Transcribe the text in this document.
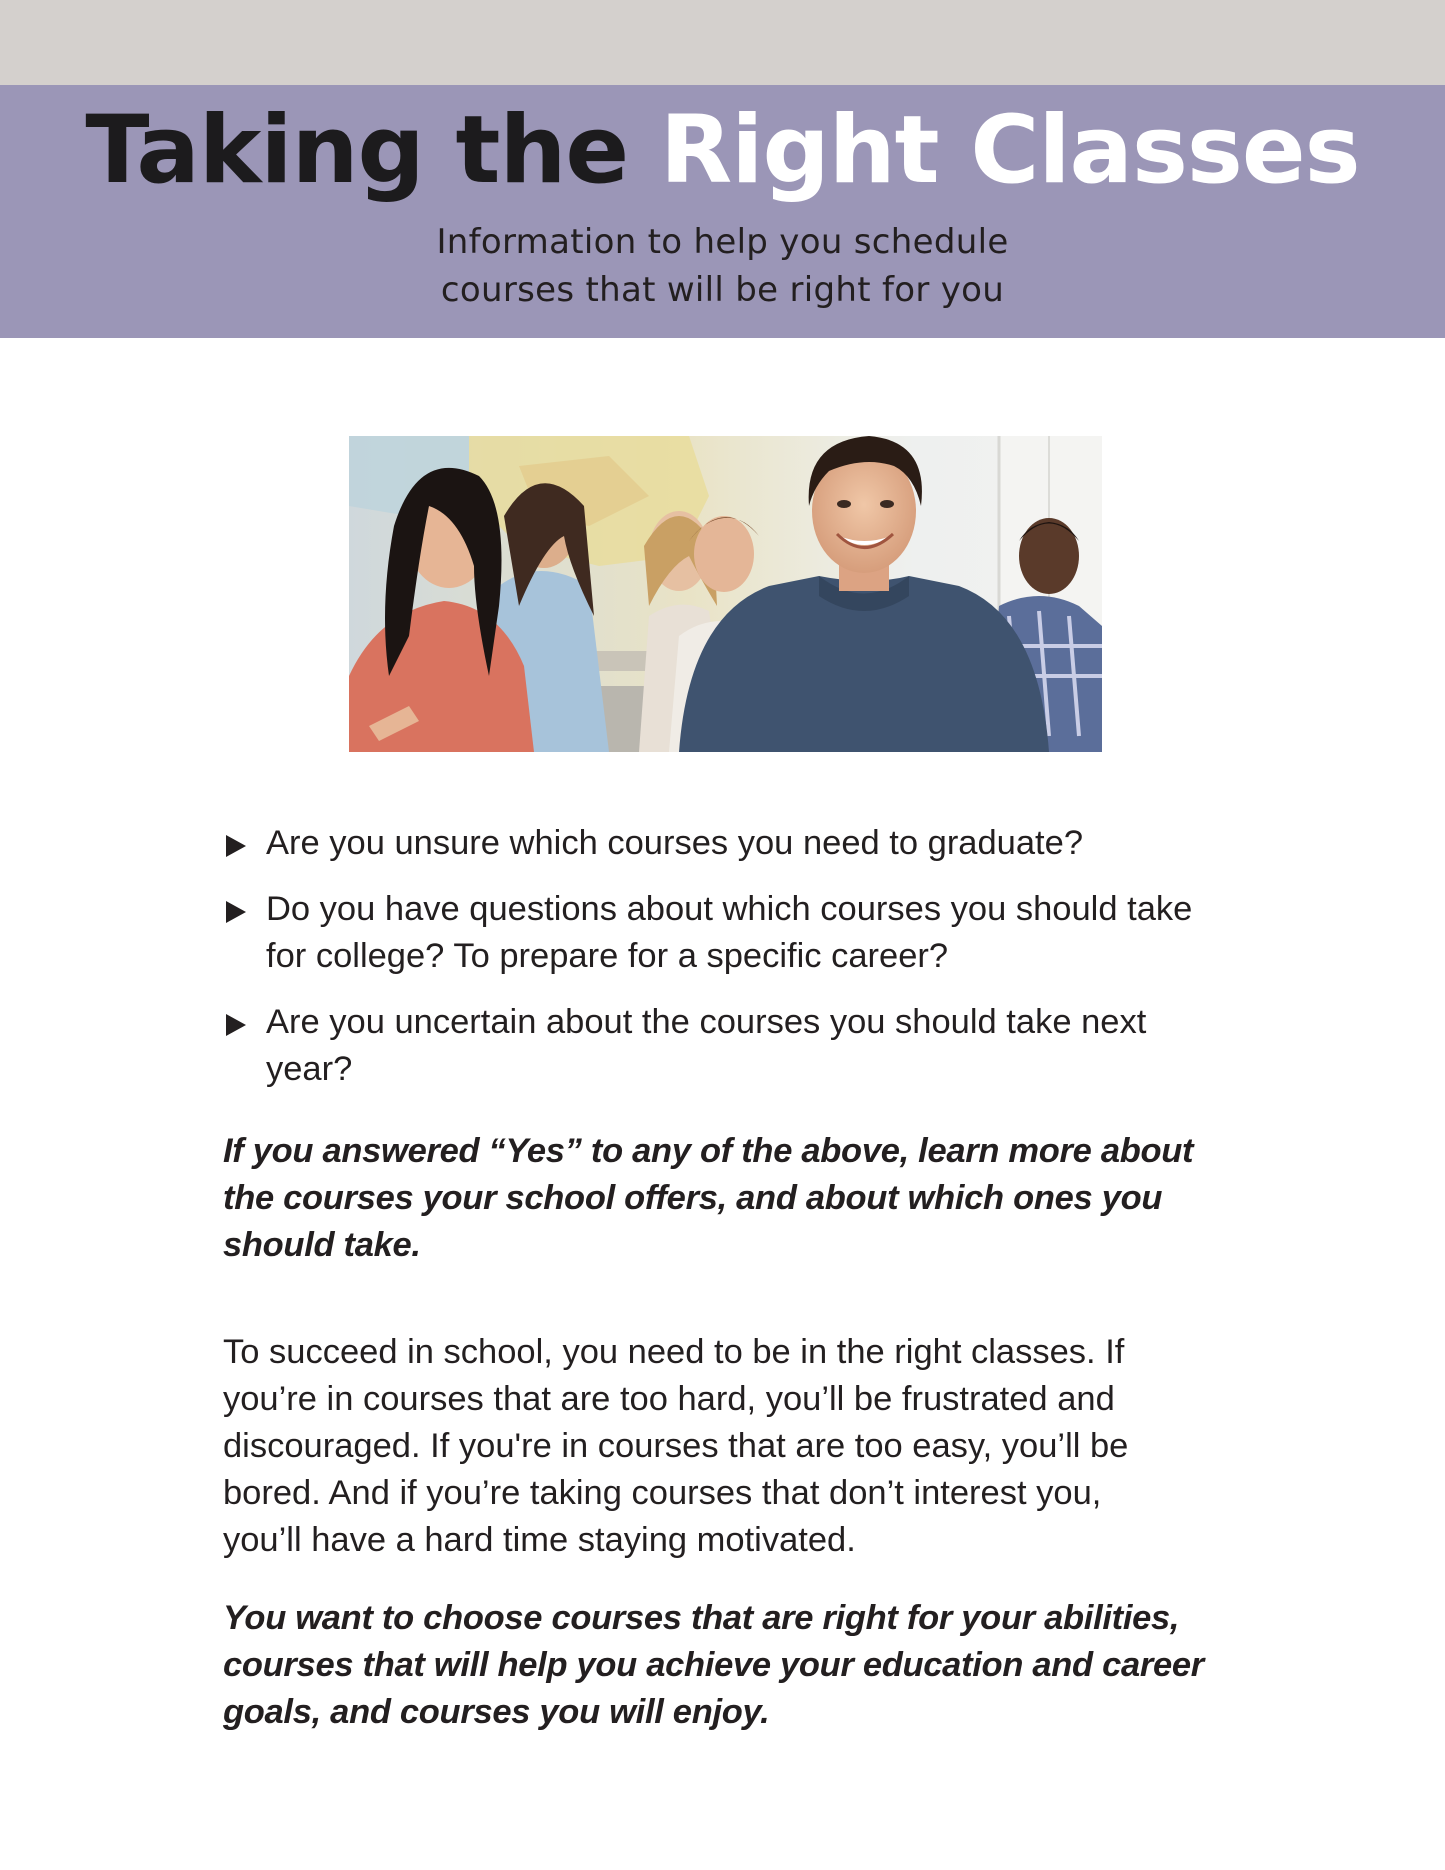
Taking the Right Classes
Information to help you schedule
courses that will be right for you
Are you unsure which courses you need to graduate?
Do you have questions about which courses you should take
for college? To prepare for a specific career?
Are you uncertain about the courses you should take next
year?

If you answered “Yes” to any of the above, learn more about
the courses your school offers, and about which ones you
should take.

To succeed in school, you need to be in the right classes. If
you’re in courses that are too hard, you’ll be frustrated and
discouraged. If you're in courses that are too easy, you’ll be
bored. And if you’re taking courses that don’t interest you,
you’ll have a hard time staying motivated.

You want to choose courses that are right for your abilities,
courses that will help you achieve your education and career
goals, and courses you will enjoy.
